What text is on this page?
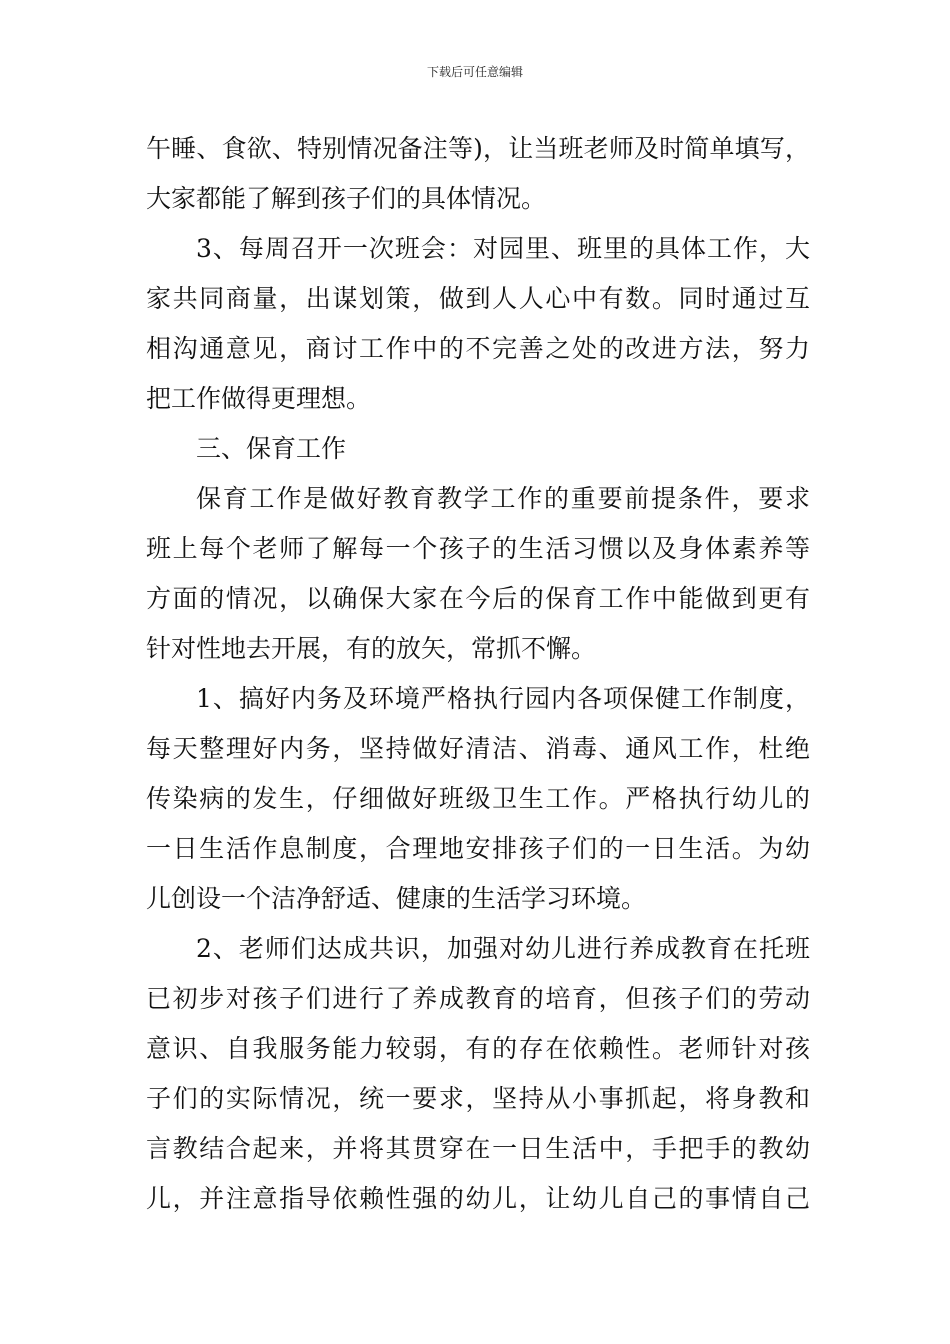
下载后可任意编辑
午睡、食欲、特别情况备注等)，让当班老师及时简单填写，
大家都能了解到孩子们的具体情况。
3、每周召开一次班会：对园里、班里的具体工作，大
家共同商量，出谋划策，做到人人心中有数。同时通过互
相沟通意见，商讨工作中的不完善之处的改进方法，努力
把工作做得更理想。
三、保育工作
保育工作是做好教育教学工作的重要前提条件，要求
班上每个老师了解每一个孩子的生活习惯以及身体素养等
方面的情况，以确保大家在今后的保育工作中能做到更有
针对性地去开展，有的放矢，常抓不懈。
1、搞好内务及环境严格执行园内各项保健工作制度，
每天整理好内务，坚持做好清洁、消毒、通风工作，杜绝
传染病的发生，仔细做好班级卫生工作。严格执行幼儿的
一日生活作息制度，合理地安排孩子们的一日生活。为幼
儿创设一个洁净舒适、健康的生活学习环境。
2、老师们达成共识，加强对幼儿进行养成教育在托班
已初步对孩子们进行了养成教育的培育，但孩子们的劳动
意识、自我服务能力较弱，有的存在依赖性。老师针对孩
子们的实际情况，统一要求，坚持从小事抓起，将身教和
言教结合起来，并将其贯穿在一日生活中，手把手的教幼
儿，并注意指导依赖性强的幼儿，让幼儿自己的事情自己
